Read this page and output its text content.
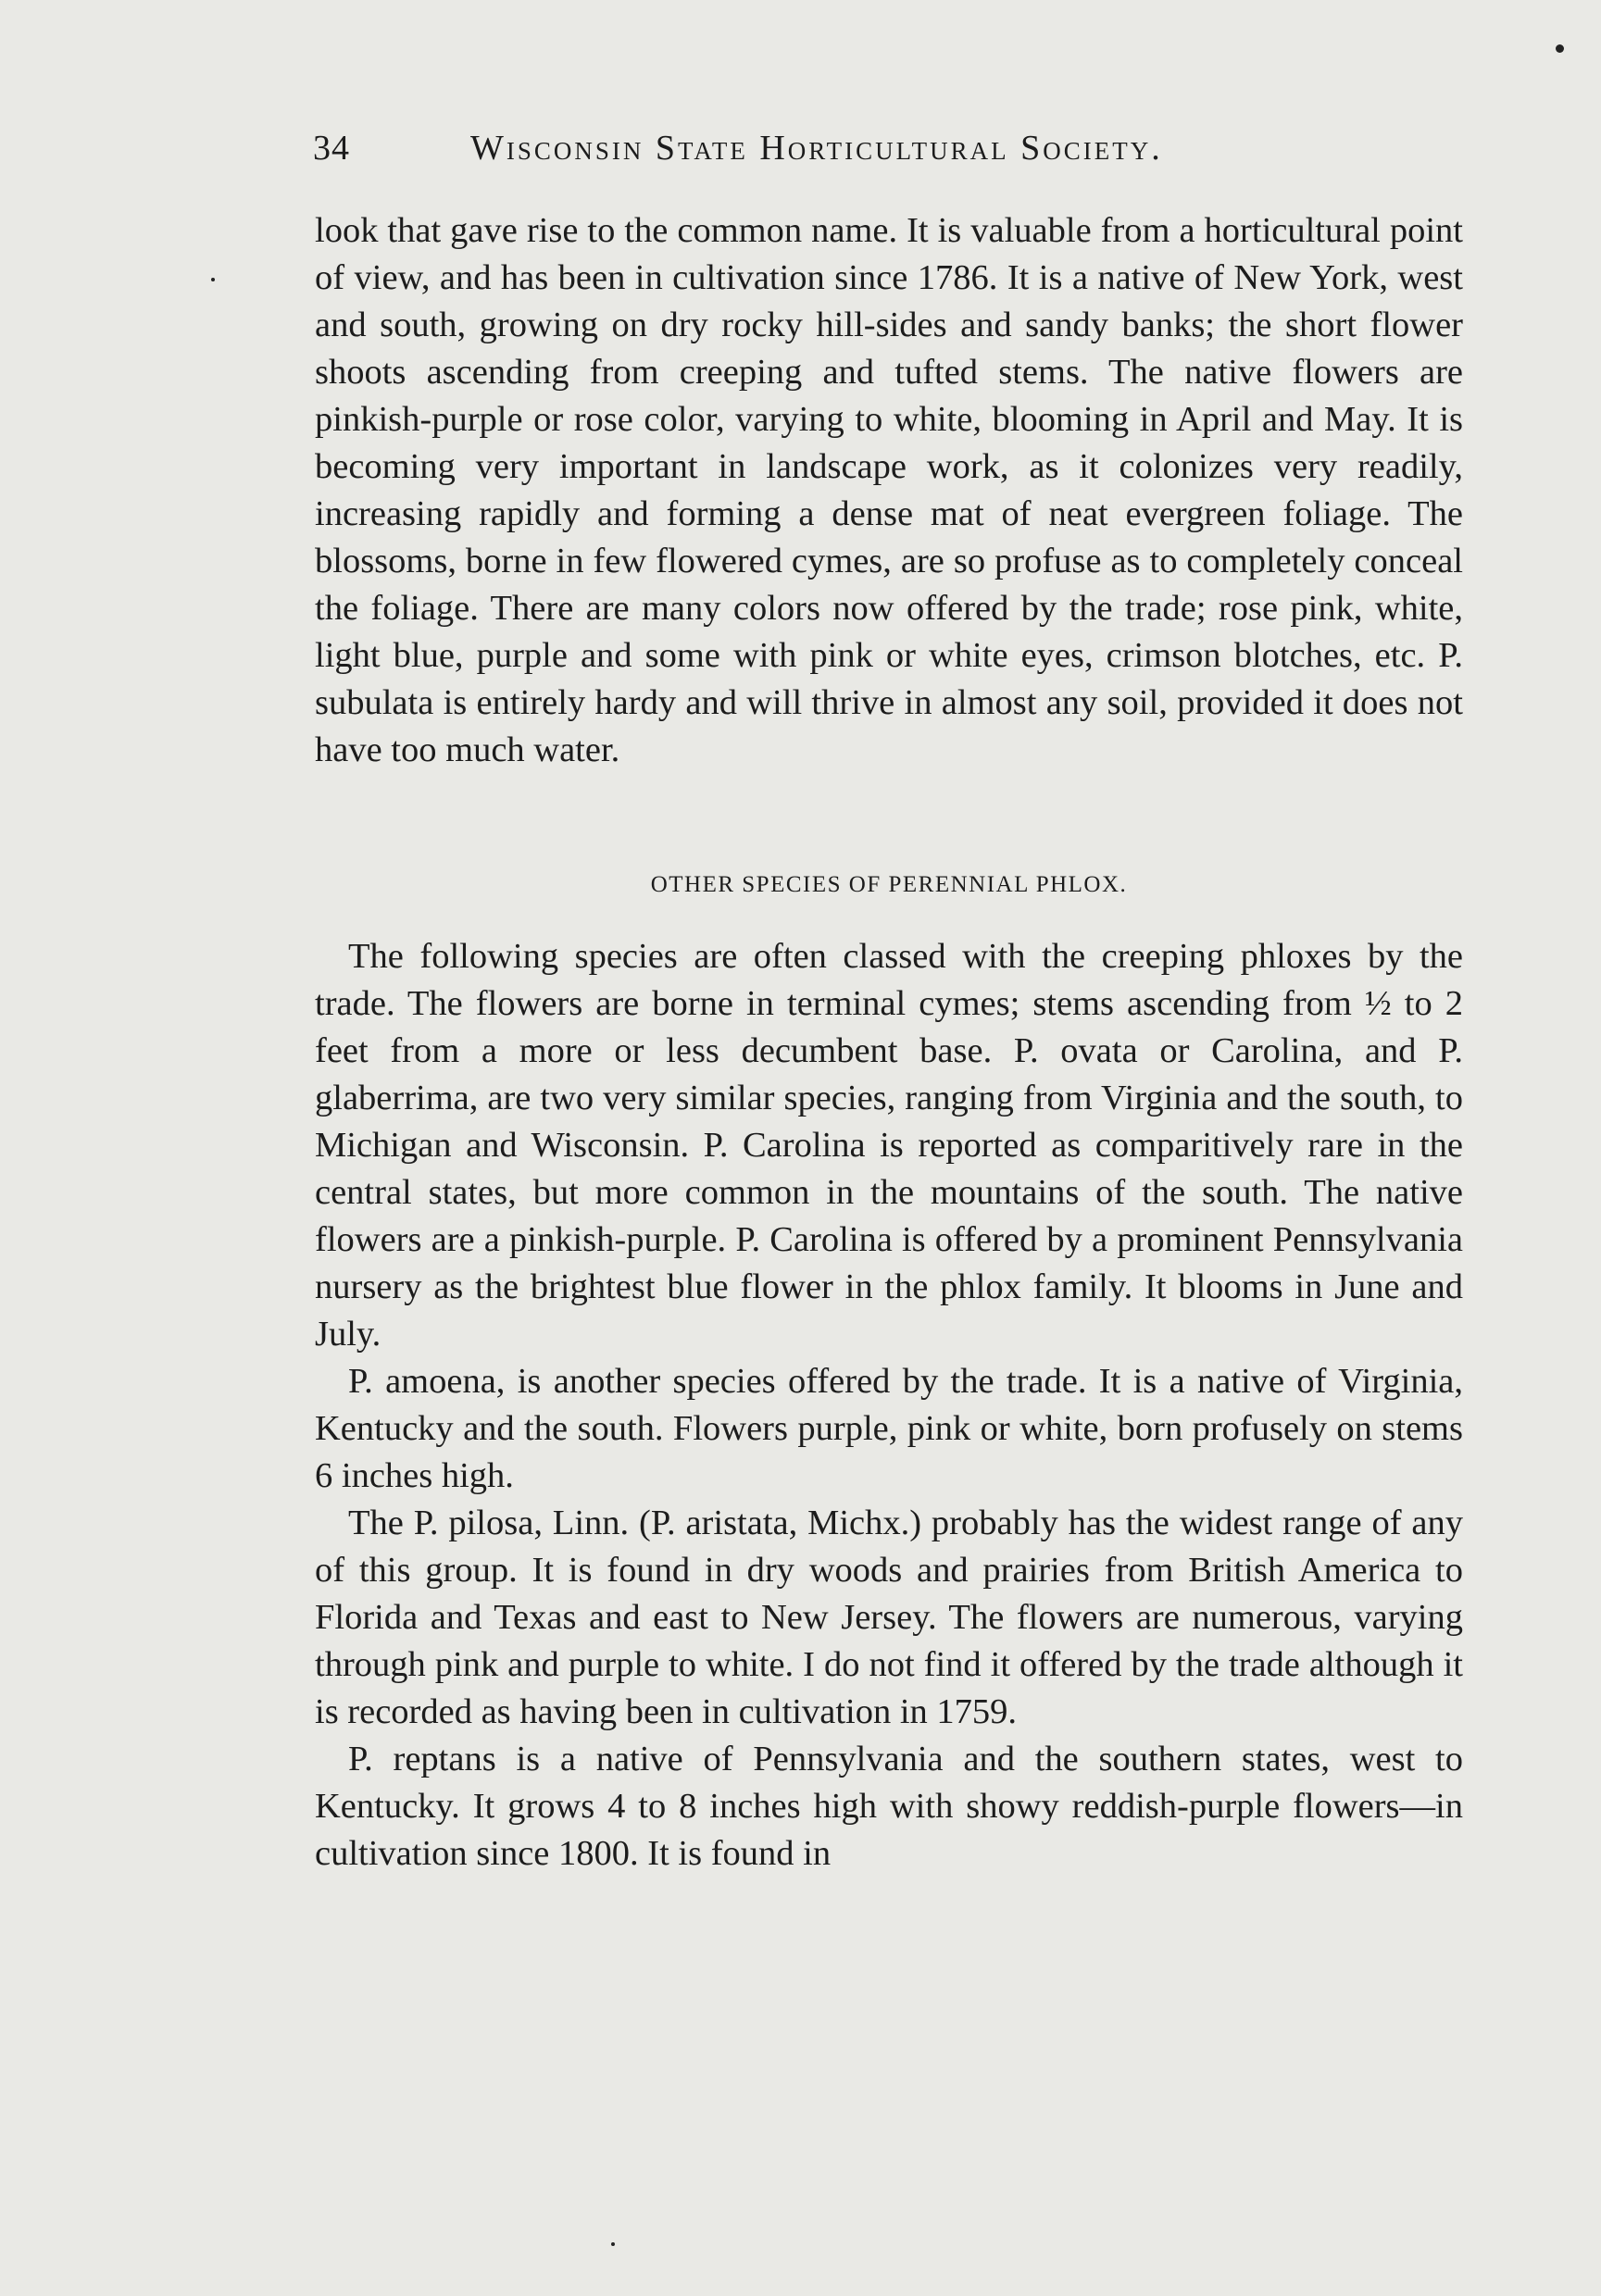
34	Wisconsin State Horticultural Society.

look that gave rise to the common name. It is valuable from a horticultural point of view, and has been in cultivation since 1786. It is a native of New York, west and south, growing on dry rocky hill-sides and sandy banks; the short flower shoots ascending from creeping and tufted stems. The native flowers are pinkish-purple or rose color, varying to white, blooming in April and May. It is becoming very important in landscape work, as it colonizes very readily, increasing rapidly and forming a dense mat of neat evergreen foliage. The blossoms, borne in few flowered cymes, are so profuse as to completely conceal the foliage. There are many colors now offered by the trade; rose pink, white, light blue, purple and some with pink or white eyes, crimson blotches, etc. P. subulata is entirely hardy and will thrive in almost any soil, provided it does not have too much water.

OTHER SPECIES OF PERENNIAL PHLOX.

The following species are often classed with the creeping phloxes by the trade. The flowers are borne in terminal cymes; stems ascending from ½ to 2 feet from a more or less decumbent base. P. ovata or Carolina, and P. glaberrima, are two very similar species, ranging from Virginia and the south, to Michigan and Wisconsin. P. Carolina is reported as comparitively rare in the central states, but more common in the mountains of the south. The native flowers are a pinkish-purple. P. Carolina is offered by a prominent Pennsylvania nursery as the brightest blue flower in the phlox family. It blooms in June and July.

P. amoena, is another species offered by the trade. It is a native of Virginia, Kentucky and the south. Flowers purple, pink or white, born profusely on stems 6 inches high.

The P. pilosa, Linn. (P. aristata, Michx.) probably has the widest range of any of this group. It is found in dry woods and prairies from British America to Florida and Texas and east to New Jersey. The flowers are numerous, varying through pink and purple to white. I do not find it offered by the trade although it is recorded as having been in cultivation in 1759.

P. reptans is a native of Pennsylvania and the southern states, west to Kentucky. It grows 4 to 8 inches high with showy reddish-purple flowers—in cultivation since 1800. It is found in
